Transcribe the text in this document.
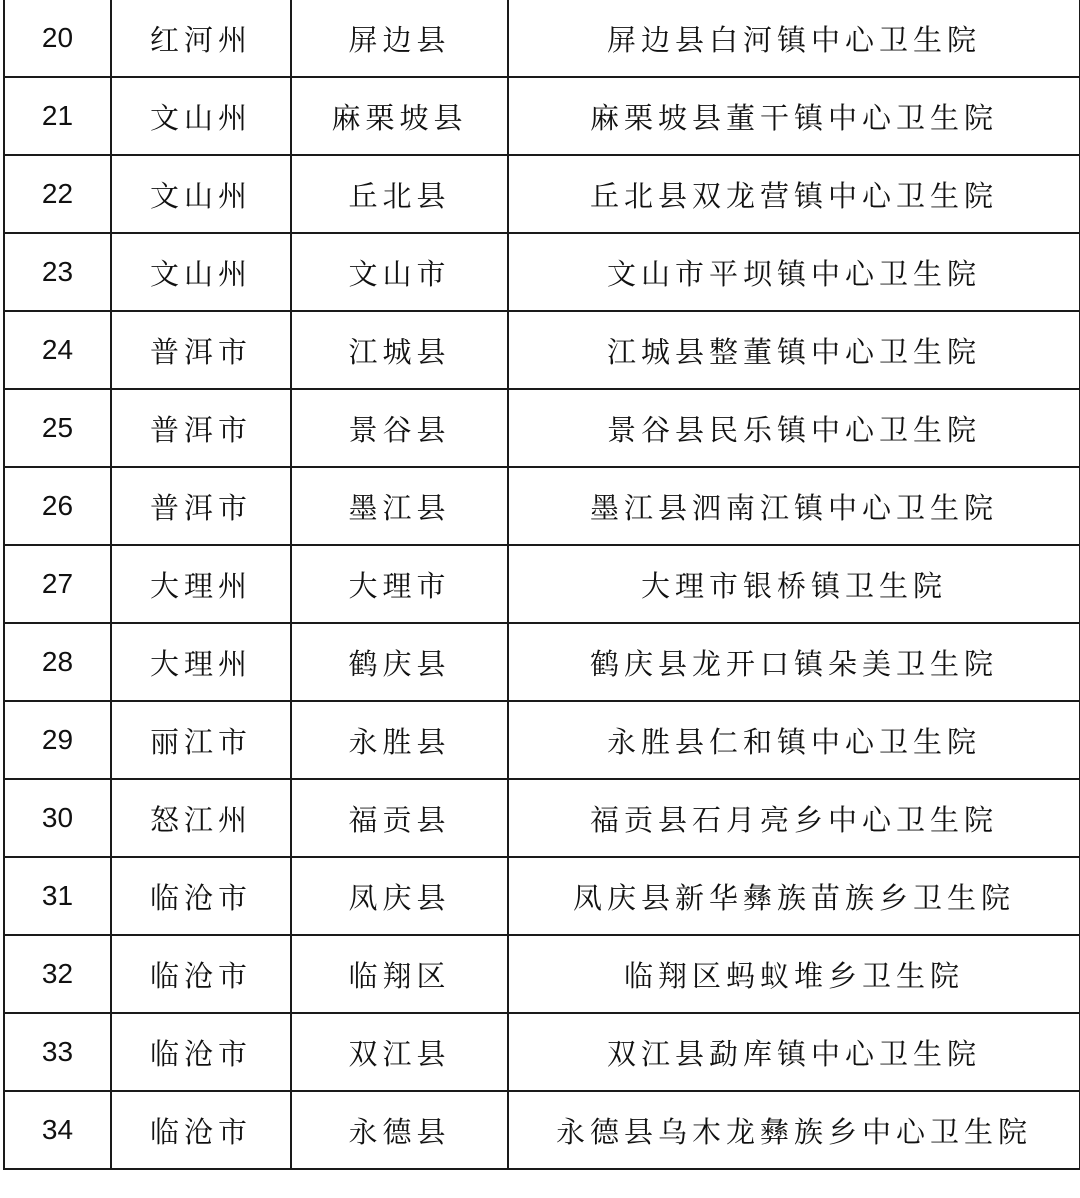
20	红河州	屏边县	屏边县白河镇中心卫生院
21	文山州	麻栗坡县	麻栗坡县董干镇中心卫生院
22	文山州	丘北县	丘北县双龙营镇中心卫生院
23	文山州	文山市	文山市平坝镇中心卫生院
24	普洱市	江城县	江城县整董镇中心卫生院
25	普洱市	景谷县	景谷县民乐镇中心卫生院
26	普洱市	墨江县	墨江县泗南江镇中心卫生院
27	大理州	大理市	大理市银桥镇卫生院
28	大理州	鹤庆县	鹤庆县龙开口镇朵美卫生院
29	丽江市	永胜县	永胜县仁和镇中心卫生院
30	怒江州	福贡县	福贡县石月亮乡中心卫生院
31	临沧市	凤庆县	凤庆县新华彝族苗族乡卫生院
32	临沧市	临翔区	临翔区蚂蚁堆乡卫生院
33	临沧市	双江县	双江县勐库镇中心卫生院
34	临沧市	永德县	永德县乌木龙彝族乡中心卫生院
